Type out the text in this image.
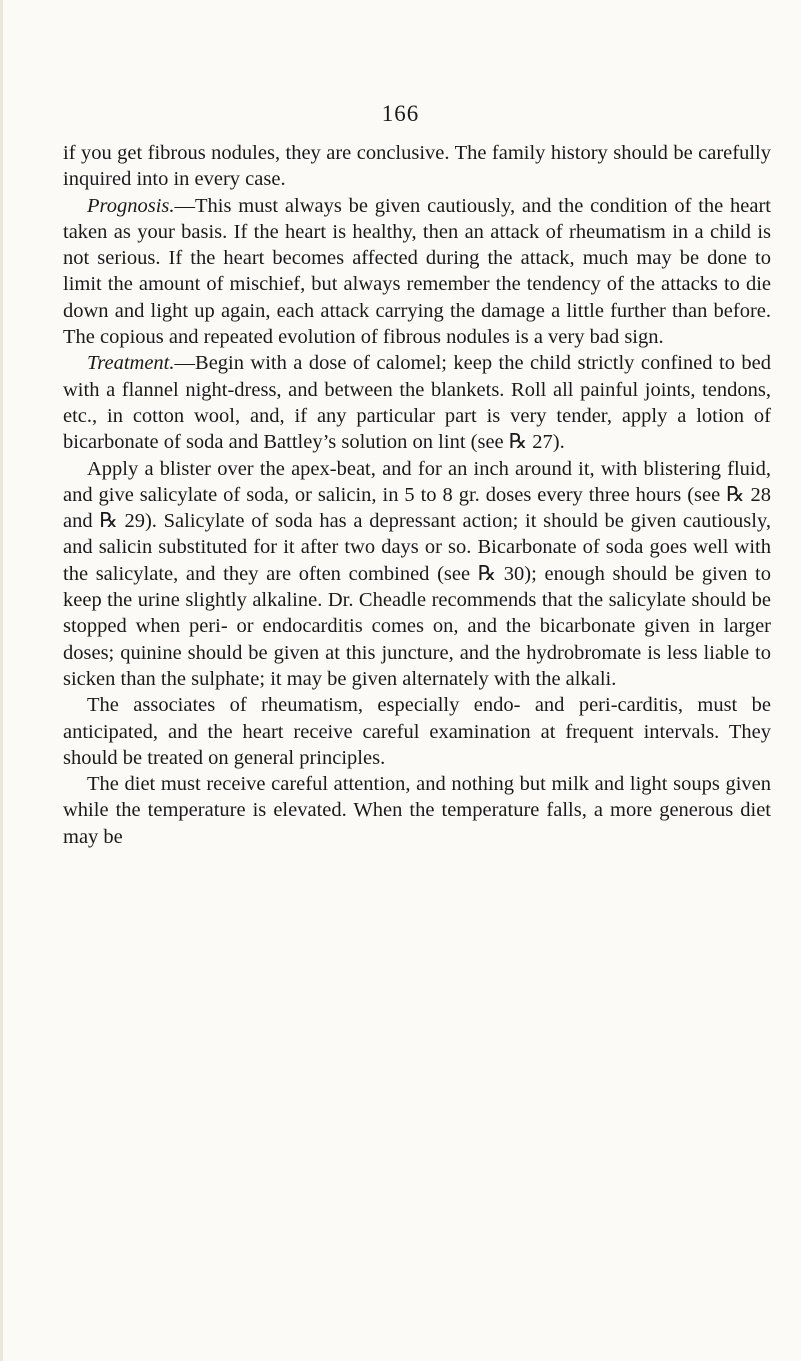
166

if you get fibrous nodules, they are conclusive. The family history should be carefully inquired into in every case.

Prognosis.—This must always be given cautiously, and the condition of the heart taken as your basis. If the heart is healthy, then an attack of rheumatism in a child is not serious. If the heart becomes affected during the attack, much may be done to limit the amount of mischief, but always remember the tendency of the attacks to die down and light up again, each attack carrying the damage a little further than before. The copious and repeated evolution of fibrous nodules is a very bad sign.

Treatment.—Begin with a dose of calomel; keep the child strictly confined to bed with a flannel night-dress, and between the blankets. Roll all painful joints, tendons, etc., in cotton wool, and, if any particular part is very tender, apply a lotion of bicarbonate of soda and Battley’s solution on lint (see ℞ 27).

Apply a blister over the apex-beat, and for an inch around it, with blistering fluid, and give salicylate of soda, or salicin, in 5 to 8 gr. doses every three hours (see ℞ 28 and ℞ 29). Salicylate of soda has a depressant action; it should be given cautiously, and salicin substituted for it after two days or so. Bicarbonate of soda goes well with the salicylate, and they are often combined (see ℞ 30); enough should be given to keep the urine slightly alkaline. Dr. Cheadle recommends that the salicylate should be stopped when peri- or endocarditis comes on, and the bicarbonate given in larger doses; quinine should be given at this juncture, and the hydrobromate is less liable to sicken than the sulphate; it may be given alternately with the alkali.

The associates of rheumatism, especially endo- and peri-carditis, must be anticipated, and the heart receive careful examination at frequent intervals. They should be treated on general principles.

The diet must receive careful attention, and nothing but milk and light soups given while the temperature is elevated. When the temperature falls, a more generous diet may be
